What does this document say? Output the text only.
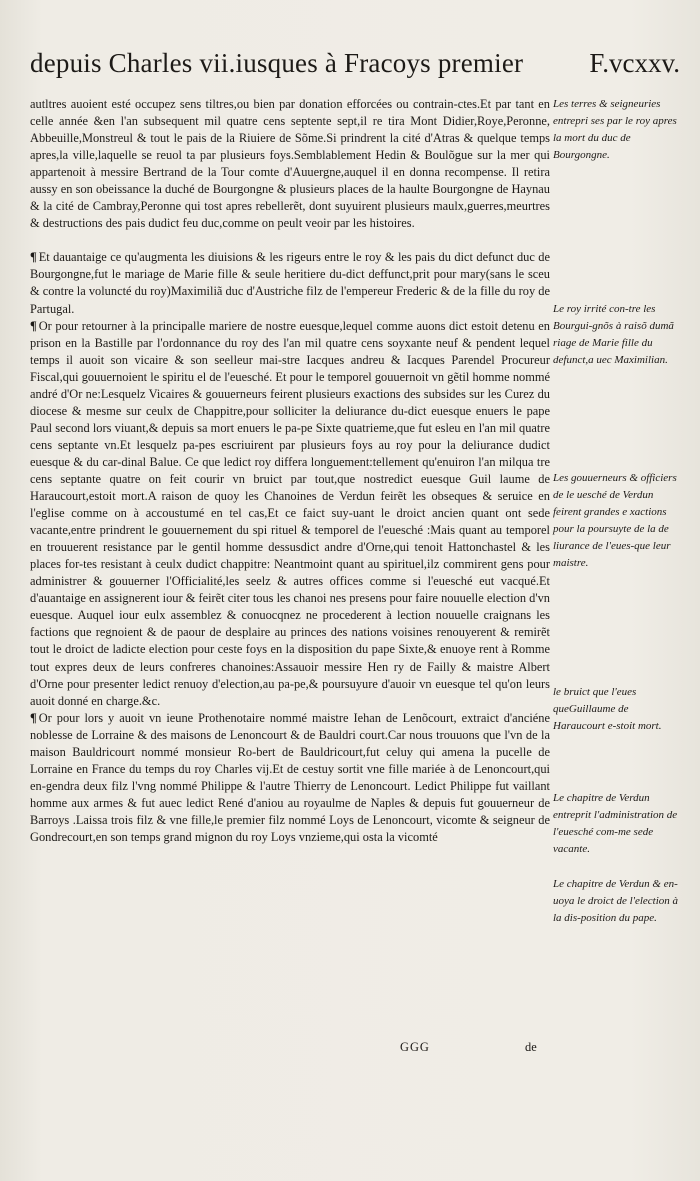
depuis Charles vii.iusques à Fracoys premier F.vcxxv.

autltres auoient esté occupez sens tiltres,ou bien par donation efforcées ou contrain-ctes.Et par tant en celle année &en l'an subsequent mil quatre cens septente sept,il re tira Mont Didier,Roye,Peronne, Abbeuille,Monstreul & tout le pais de la Riuiere de Sõme.Si prindrent la cité d'Atras & quelque temps apres,la ville,laquelle se reuol ta par plusieurs foys.Semblablement Hedin & Boulõgue sur la mer qui appartenoit à messire Bertrand de la Tour comte d'Auuergne,auquel il en donna recompense. Il retira aussy en son obeissance la duché de Bourgongne & plusieurs places de la haulte Bourgongne de Haynau & la cité de Cambray,Peronne qui tost apres rebellerẽt, dont suyuirent plusieurs maulx,guerres,meurtres & destructions des pais dudict feu duc,comme on peult veoir par les histoires.

¶ Et dauantaige ce qu'augmenta les diuisions & les rigeurs entre le roy & les pais du dict defunct duc de Bourgongne,fut le mariage de Marie fille & seule heritiere du-dict deffunct,prit pour mary(sans le sceu & contre la voluncté du roy)Maximiliã duc d'Austriche filz de l'empereur Frederic & de la fille du roy de Partugal.

¶ Or pour retourner à la principalle mariere de nostre euesque,lequel comme auons dict estoit detenu en prison en la Bastille par l'ordonnance du roy des l'an mil quatre cens soyxante neuf & pendent lequel temps il auoit son vicaire & son seelleur mai-stre Iacques andreu & Iacques Parendel Procureur Fiscal,qui gouuernoient le spiritu el de l'euesché. Et pour le temporel gouuernoit vn gẽtil homme nommé andré d'Or ne:Lesquelz Vicaires & gouuerneurs feirent plusieurs exactions des subsides sur les Curez du diocese & mesme sur ceulx de Chappitre,pour solliciter la deliurance du-dict euesque enuers le pape Paul second lors viuant,& depuis sa mort enuers le pa-pe Sixte quatrieme,que fut esleu en l'an mil quatre cens septante vn.Et lesquelz pa-pes escriuirent par plusieurs foys au roy pour la deliurance dudict euesque & du car-dinal Balue. Ce que ledict roy differa longuement:tellement qu'enuiron l'an milqua tre cens septante quatre on feit courir vn bruict par tout,que nostredict euesque Guil laume de Haraucourt,estoit mort.A raison de quoy les Chanoines de Verdun feirẽt les obseques & seruice en l'eglise comme on à accoustumé en tel cas,Et ce faict suy-uant le droict ancien quant ont sede vacante,entre prindrent le gouuernement du spi rituel & temporel de l'euesché :Mais quant au temporel en trouuerent resistance par le gentil homme dessusdict andre d'Orne,qui tenoit Hattonchastel & les places for-tes resistant à ceulx dudict chappitre: Neantmoint quant au spirituel,ilz commirent gens pour administrer & gouuerner l'Officialité,les seelz & autres offices comme si l'euesché eut vacqué.Et d'auantaige en assignerent iour & feirẽt citer tous les chanoi nes presens pour faire nouuelle election d'vn euesque. Auquel iour eulx assemblez & conuocqnez ne procederent à lection nouuelle craignans les factions que regnoient & de paour de desplaire au princes des nations voisines renouyerent & remirẽt tout le droict de ladicte election pour ceste foys en la disposition du pape Sixte,& enuoye rent à Romme tout expres deux de leurs confreres chanoines:Assauoir messire Hen ry de Failly & maistre Albert d'Orne pour presenter ledict renuoy d'election,au pa-pe,& poursuyure d'auoir vn euesque tel qu'on leurs auoit donné en charge.&c.

¶ Or pour lors y auoit vn ieune Prothenotaire nommé maistre Iehan de Lenõcourt, extraict d'anciéne noblesse de Lorraine & des maisons de Lenoncourt & de Bauldri court.Car nous trouuons que l'vn de la maison Bauldricourt nommé monsieur Ro-bert de Bauldricourt,fut celuy qui amena la pucelle de Lorraine en France du temps du roy Charles vij.Et de cestuy sortit vne fille mariée à de Lenoncourt,qui en-gendra deux filz l'vng nommé Philippe & l'autre Thierry de Lenoncourt. Ledict Philippe fut vaillant homme aux armes & fut auec ledict René d'aniou au royaulme de Naples & depuis fut gouuerneur de Barroys .Laissa trois filz & vne fille,le premier filz nommé Loys de Lenoncourt, vicomte & seigneur de Gondrecourt,en son temps grand mignon du roy Loys vnzieme,qui osta la vicomté

Les terres & seigneuries entrepri ses par le roy apres la mort du duc de Bourgongne.
Le roy irrité con-tre les Bourgui-gnõs à raisõ dumã riage de Marie fille du defunct,a uec Maximilian.
Les gouuerneurs & officiers de le uesché de Verdun feirent grandes e xactions pour la poursuyte de la de liurance de l'eues-que leur maistre.
le bruict que l'eues queGuillaume de Haraucourt e-stoit mort.
Le chapitre de Verdun entreprit l'administration de l'euesché com-me sede vacante.
Le chapitre de Verdun & en-uoya le droict de l'election à la dis-position du pape.
GGG	de
